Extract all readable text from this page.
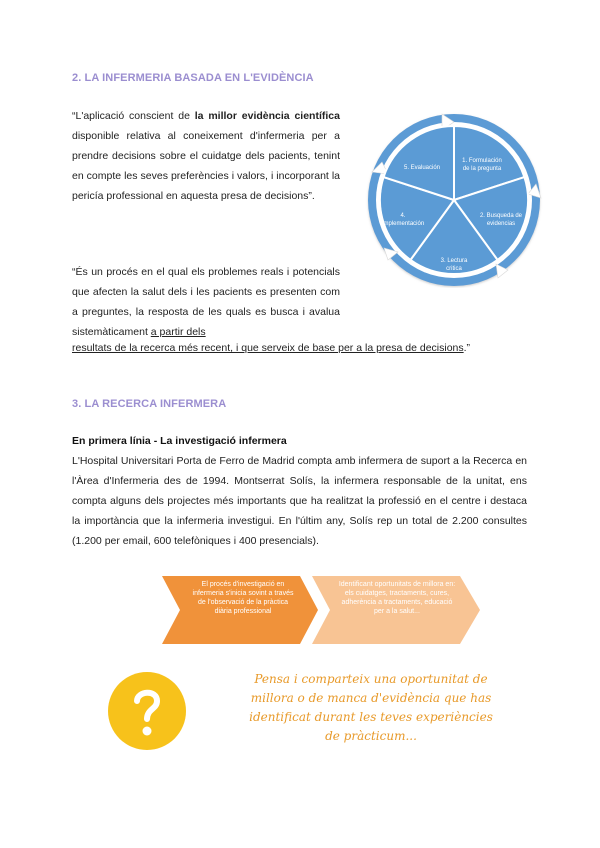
2. LA INFERMERIA BASADA EN L'EVIDÈNCIA
“L'aplicació conscient de la millor evidència científica disponible relativa al coneixement d'infermeria per a prendre decisions sobre el cuidatge dels pacients, tenint en compte les seves preferències i valors, i incorporant la pericía professional en aquesta presa de decisions”.
“És un procés en el qual els problemes reals i potencials que afecten la salut dels i les pacients es presenten com a preguntes, la resposta de les quals es busca i avalua sistemàticament a partir dels
resultats de la recerca més recent, i que serveix de base per a la presa de decisions.”
1. Formulación
de la pregunta
2. Busqueda de
evidencias
3. Lectura
critica
4.
Implementación
5. Evaluación
3. LA RECERCA INFERMERA
En primera línia - La investigació infermera
L'Hospital Universitari Porta de Ferro de Madrid compta amb infermera de suport a la Recerca en l'Àrea d'Infermeria des de 1994. Montserrat Solís, la infermera responsable de la unitat, ens compta alguns dels projectes més importants que ha realitzat la professió en el centre i destaca la importància que la infermeria investigui. En l'últim any, Solís rep un total de 2.200 consultes (1.200 per email, 600 telefòniques i 400 presencials).
El procés d'investigació en infermeria s'inicia sovint a través de l'observació de la pràctica diària professional
Identificant oportunitats de millora en: els cuidatges, tractaments, cures, adherència a tractaments, educació per a la salut...
Pensa i comparteix una oportunitat de millora o de manca d'evidència que has identificat durant les teves experiències de pràcticum...
